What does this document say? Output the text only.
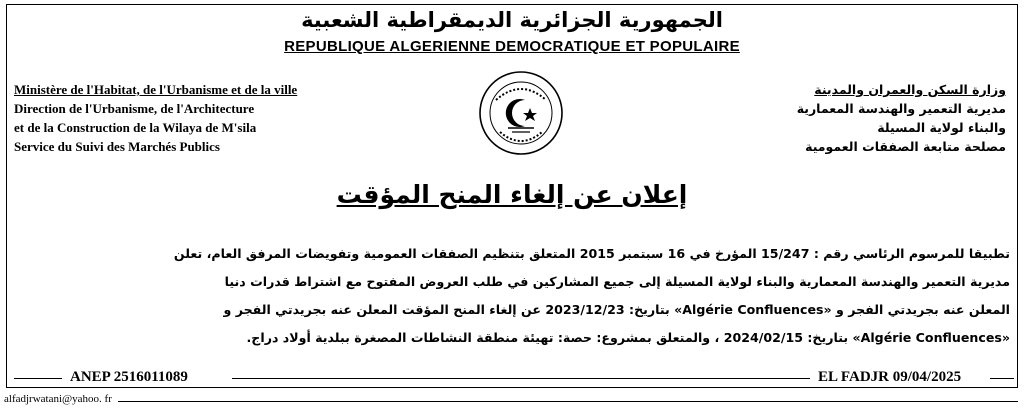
الجمهورية الجزائرية الديمقراطية الشعبية
REPUBLIQUE ALGERIENNE DEMOCRATIQUE ET POPULAIRE
Ministère de l'Habitat, de l'Urbanisme et de la ville
Direction de l'Urbanisme, de l'Architecture
et de la Construction de la Wilaya de M'sila
Service du Suivi des Marchés Publics
وزارة السكن والعمران والمدينة
مديرية التعمير والهندسة المعمارية
والبناء لولاية المسيلة
مصلحة متابعة الصفقات العمومية
إعلان عن إلغاء المنح المؤقت
تطبيقا للمرسوم الرئاسي رقم : 15/247 المؤرخ في 16 سبتمبر 2015 المتعلق بتنظيم الصفقات العمومية وتفويضات المرفق العام، تعلن
مديرية التعمير والهندسة المعمارية والبناء لولاية المسيلة إلى جميع المشاركين في طلب العروض المفتوح مع اشتراط قدرات دنيا
المعلن عنه بجريدتي الفجر و «Algérie Confluences» بتاريخ: 2023/12/23 عن إلغاء المنح المؤقت المعلن عنه بجريدتي الفجر و
«Algérie Confluences» بتاريخ: 2024/02/15 ، والمتعلق بمشروع: حصة: تهيئة منطقة النشاطات المصغرة ببلدية أولاد دراج.
ANEP 2516011089	EL FADJR 09/04/2025
alfadjrwatani@yahoo. fr
